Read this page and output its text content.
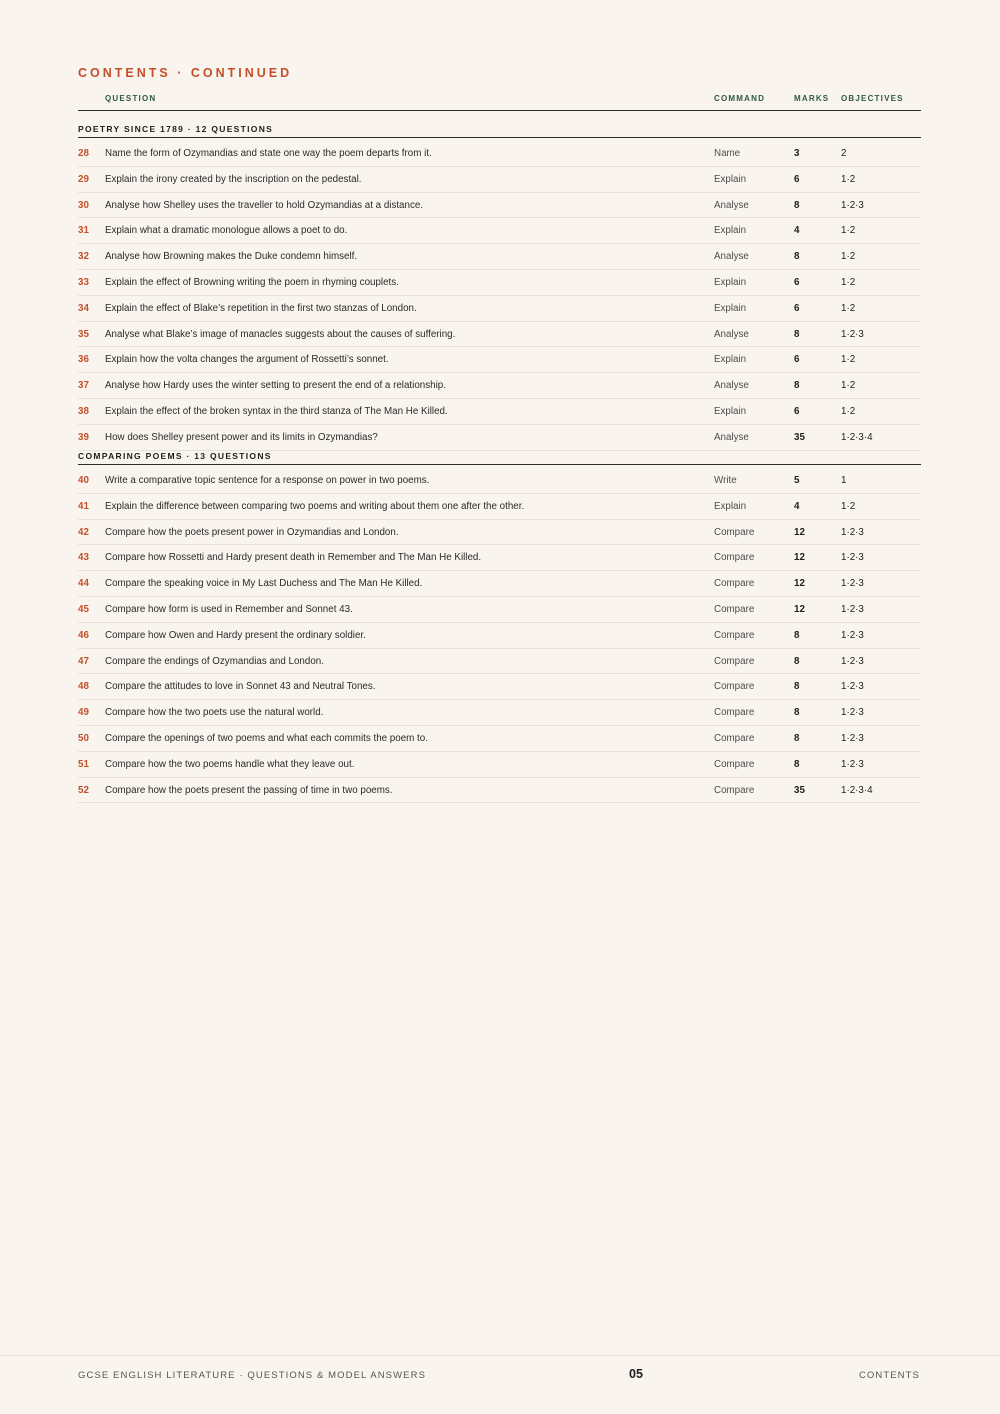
CONTENTS · CONTINUED
QUESTION	COMMAND	MARKS OBJECTIVES
POETRY SINCE 1789 · 12 QUESTIONS
28 Name the form of Ozymandias and state one way the poem departs from it.	Name	3	2
29 Explain the irony created by the inscription on the pedestal.	Explain	6	1·2
30 Analyse how Shelley uses the traveller to hold Ozymandias at a distance.	Analyse	8	1·2·3
31 Explain what a dramatic monologue allows a poet to do.	Explain	4	1·2
32 Analyse how Browning makes the Duke condemn himself.	Analyse	8	1·2
33 Explain the effect of Browning writing the poem in rhyming couplets.	Explain	6	1·2
34 Explain the effect of Blake’s repetition in the first two stanzas of London.	Explain	6	1·2
35 Analyse what Blake’s image of manacles suggests about the causes of suffering.	Analyse	8	1·2·3
36 Explain how the volta changes the argument of Rossetti’s sonnet.	Explain	6	1·2
37 Analyse how Hardy uses the winter setting to present the end of a relationship.	Analyse	8	1·2
38 Explain the effect of the broken syntax in the third stanza of The Man He Killed.	Explain	6	1·2
39 How does Shelley present power and its limits in Ozymandias?	Analyse	35	1·2·3·4
COMPARING POEMS · 13 QUESTIONS
40 Write a comparative topic sentence for a response on power in two poems.	Write	5	1
41 Explain the difference between comparing two poems and writing about them one after the other.	Explain	4	1·2
42 Compare how the poets present power in Ozymandias and London.	Compare	12	1·2·3
43 Compare how Rossetti and Hardy present death in Remember and The Man He Killed.	Compare	12	1·2·3
44 Compare the speaking voice in My Last Duchess and The Man He Killed.	Compare	12	1·2·3
45 Compare how form is used in Remember and Sonnet 43.	Compare	12	1·2·3
46 Compare how Owen and Hardy present the ordinary soldier.	Compare	8	1·2·3
47 Compare the endings of Ozymandias and London.	Compare	8	1·2·3
48 Compare the attitudes to love in Sonnet 43 and Neutral Tones.	Compare	8	1·2·3
49 Compare how the two poets use the natural world.	Compare	8	1·2·3
50 Compare the openings of two poems and what each commits the poem to.	Compare	8	1·2·3
51 Compare how the two poems handle what they leave out.	Compare	8	1·2·3
52 Compare how the poets present the passing of time in two poems.	Compare	35	1·2·3·4
GCSE ENGLISH LITERATURE · QUESTIONS & MODEL ANSWERS	05	CONTENTS
